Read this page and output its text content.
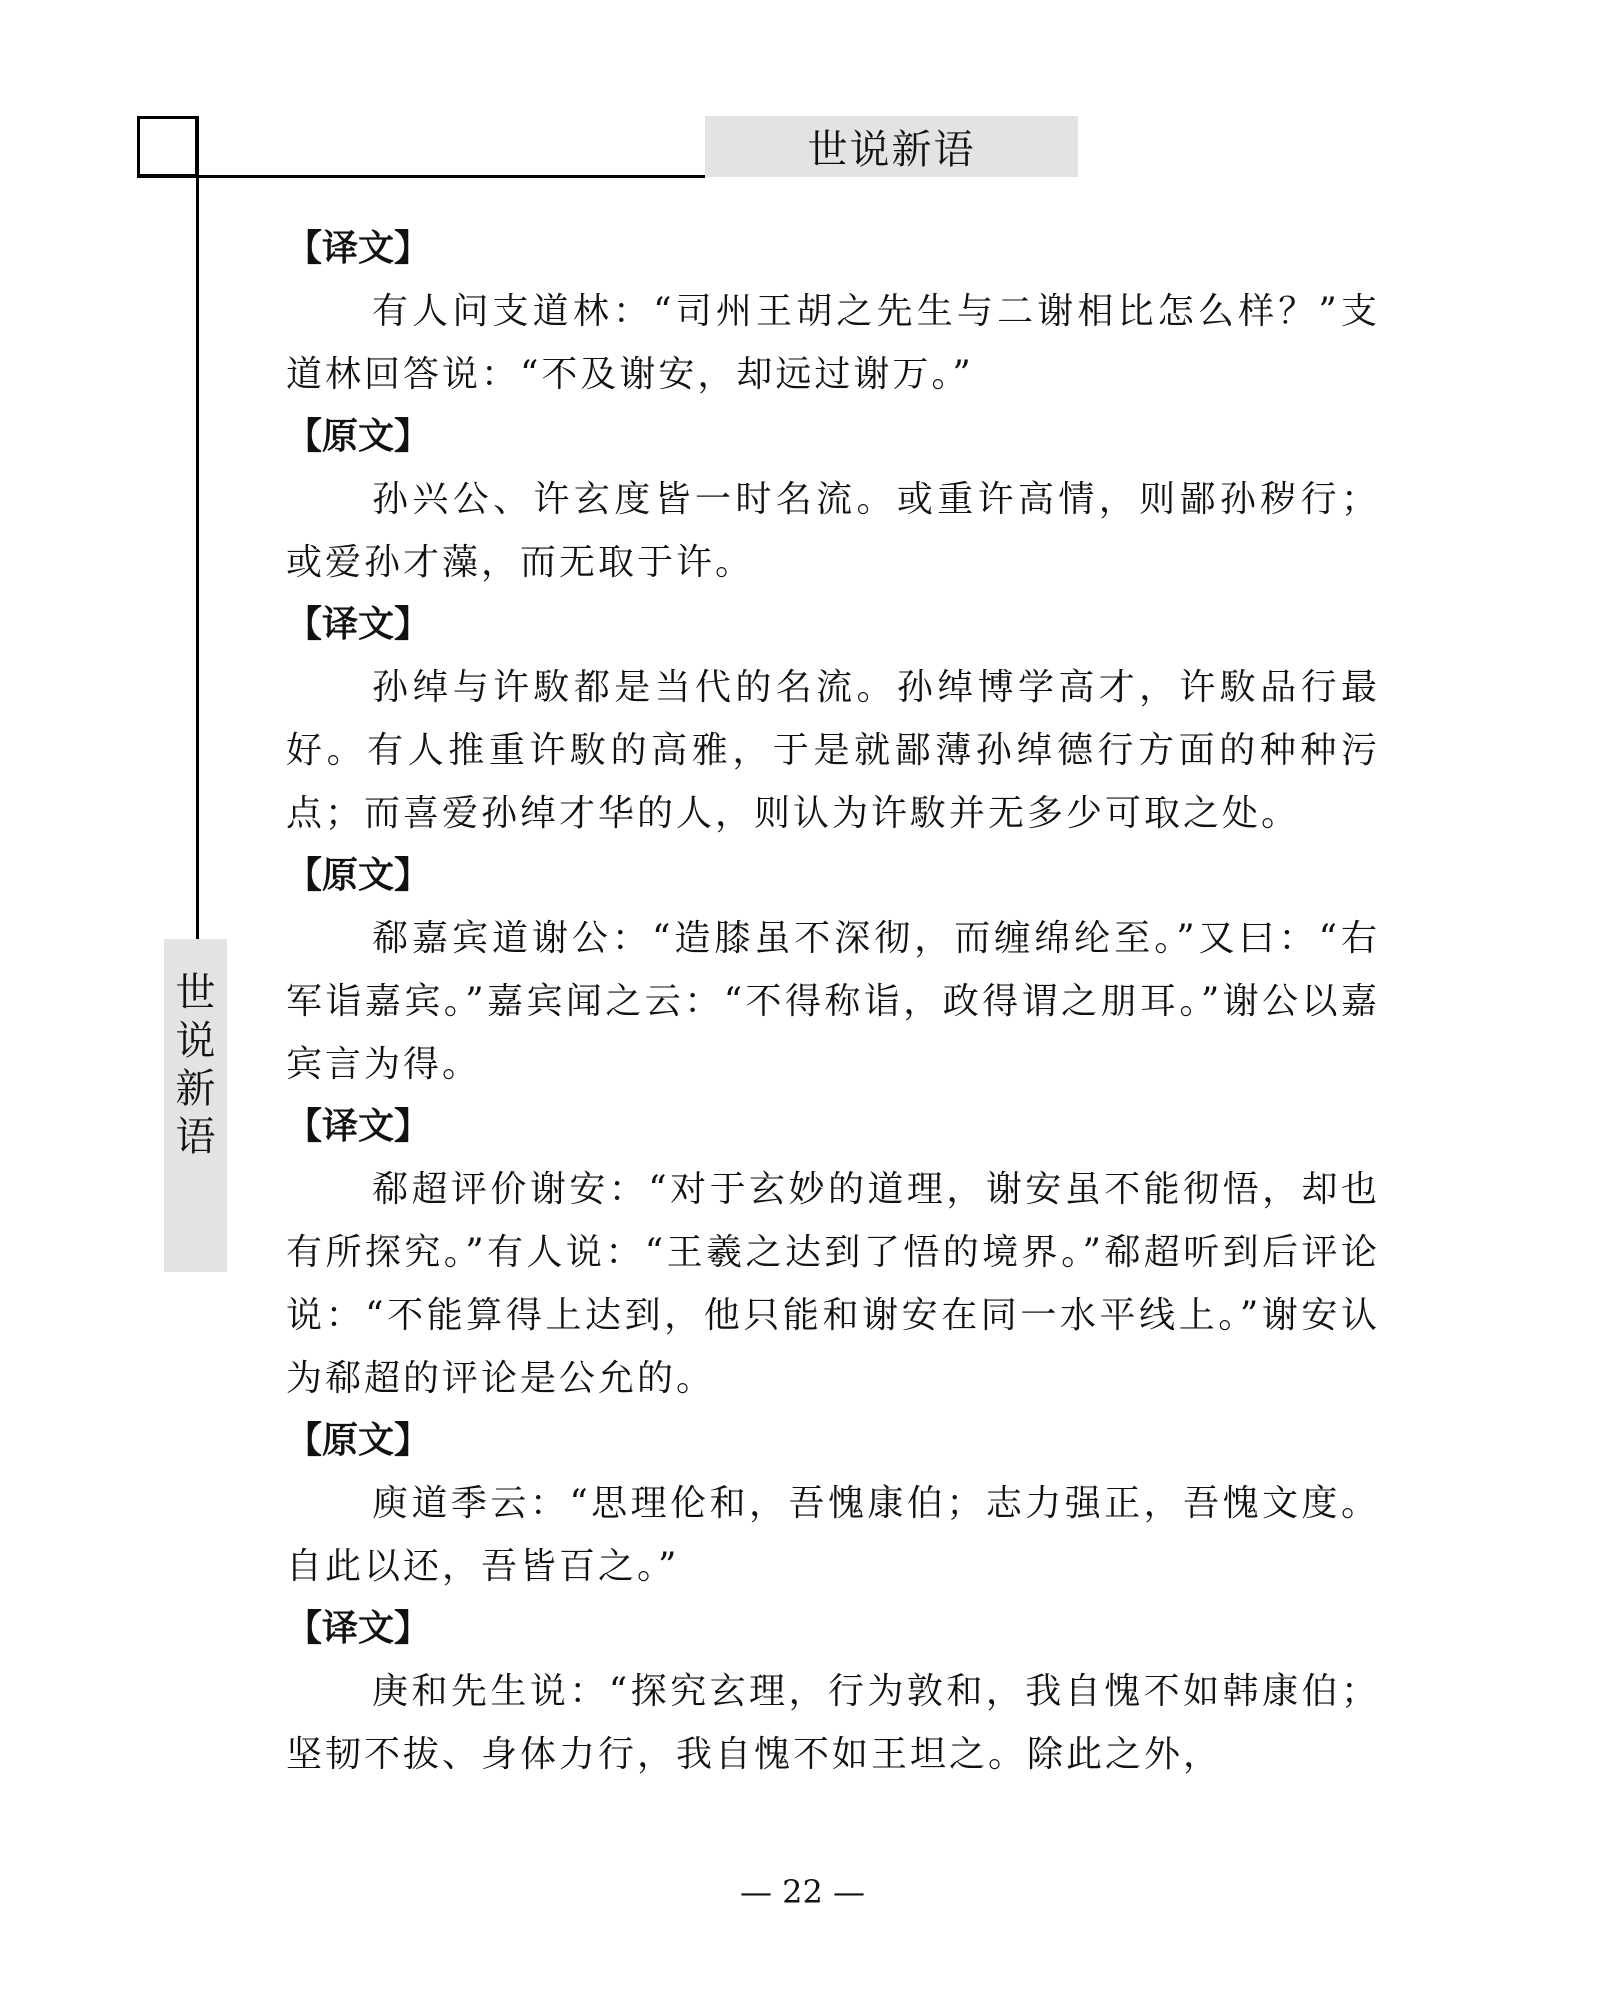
世说新语
世
说
新
语
【译文】

有人问支道林：“司州王胡之先生与二谢相比怎么样？”支道林回答说：“不及谢安，却远过谢万。”

【原文】

孙兴公、许玄度皆一时名流。或重许高情，则鄙孙秽行；或爱孙才藻，而无取于许。

【译文】

孙绰与许駇都是当代的名流。孙绰博学高才，许駇品行最好。有人推重许駇的高雅，于是就鄙薄孙绰德行方面的种种污点；而喜爱孙绰才华的人，则认为许駇并无多少可取之处。

【原文】

郗嘉宾道谢公：“造膝虽不深彻，而缠绵纶至。”又曰：“右军诣嘉宾。”嘉宾闻之云：“不得称诣，政得谓之朋耳。”谢公以嘉宾言为得。

【译文】

郗超评价谢安：“对于玄妙的道理，谢安虽不能彻悟，却也有所探究。”有人说：“王羲之达到了悟的境界。”郗超听到后评论说：“不能算得上达到，他只能和谢安在同一水平线上。”谢安认为郗超的评论是公允的。

【原文】

庾道季云：“思理伦和，吾愧康伯；志力强正，吾愧文度。自此以还，吾皆百之。”

【译文】

庚和先生说：“探究玄理，行为敦和，我自愧不如韩康伯；坚韧不拔、身体力行，我自愧不如王坦之。除此之外，

— 22 —
